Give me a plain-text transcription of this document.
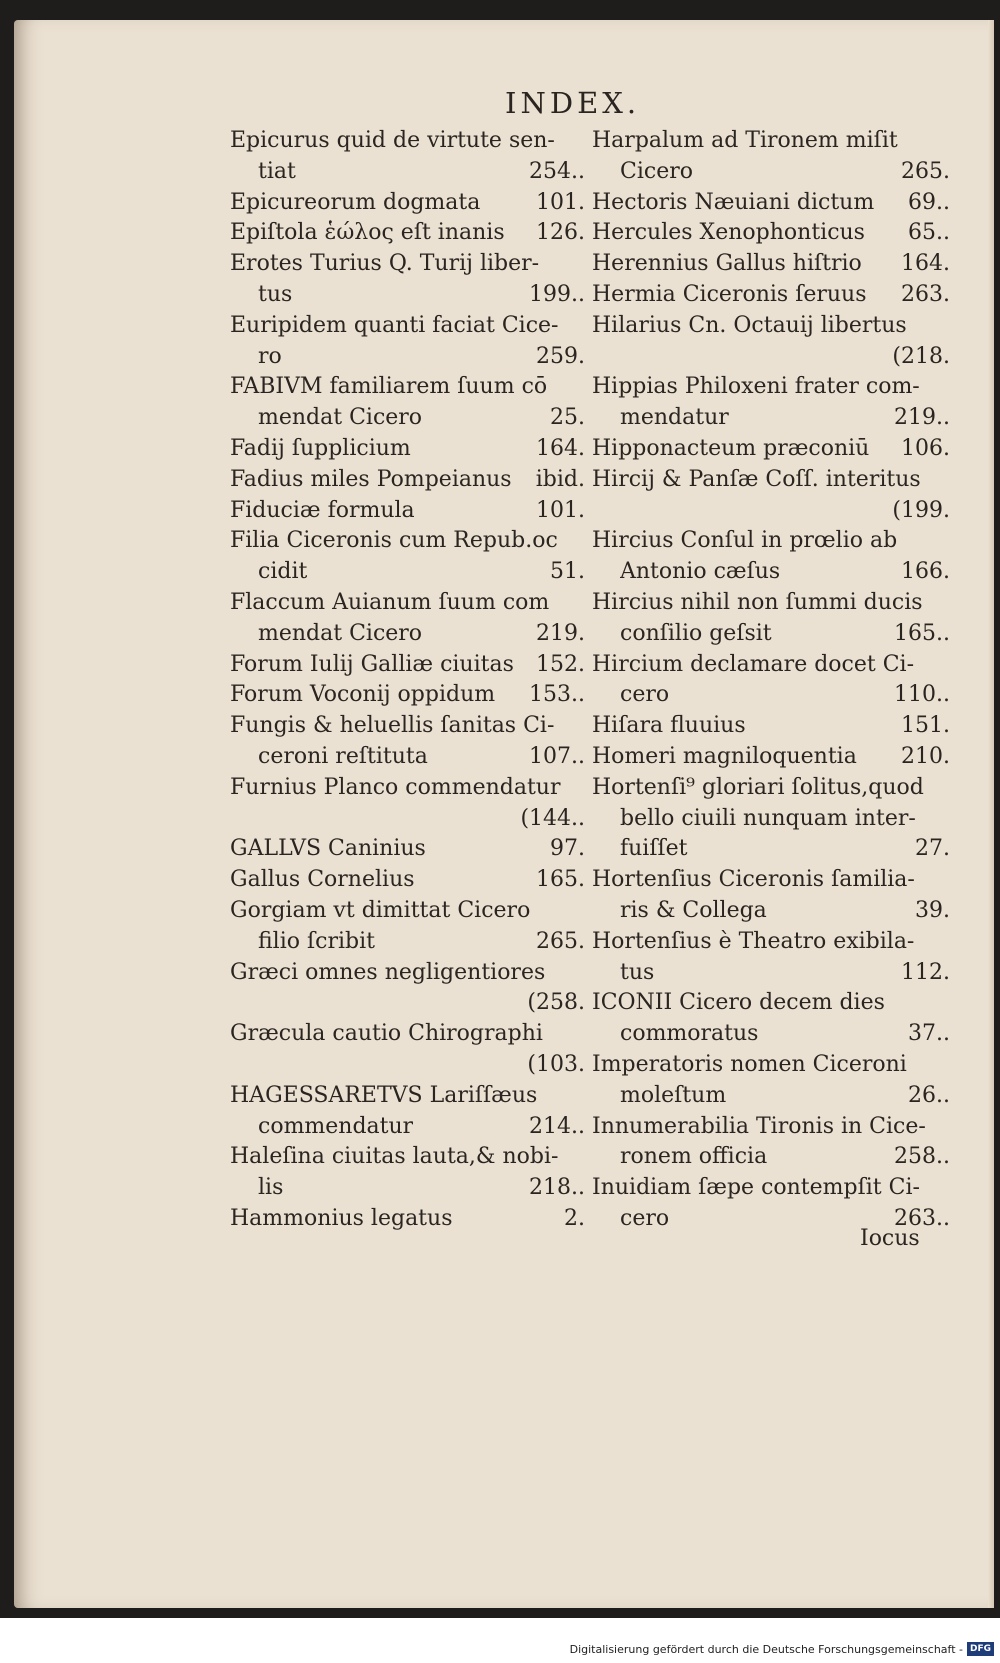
INDEX.
Epicurus quid de virtute sen-
tiat	254..
Epicureorum dogmata	101.
Epiſtola ἑώλος eſt inanis 126.
Erotes Turius Q. Turij liber-
tus	199..
Euripidem quanti faciat Cice-
ro	259.
FABIVM familiarem ſuum cō
mendat Cicero	25.
Fadij ſupplicium	164.
Fadius miles Pompeianus ibid.
Fiduciæ formula	101.
Filia Ciceronis cum Repub.oc
cidit	51.
Flaccum Auianum ſuum com
mendat Cicero	219.
Forum Iulij Galliæ ciuitas 152.
Forum Voconij oppidum 153..
Fungis & heluellis ſanitas Ci-
ceroni reſtituta	107..
Furnius Planco commendatur
(144..
GALLVS Caninius	97.
Gallus Cornelius	165.
Gorgiam vt dimittat Cicero
filio ſcribit	265.
Græci omnes negligentiores
(258.
Græcula cautio Chirographi
(103.
HAGESSARETVS Lariſſæus
commendatur	214..
Haleſina ciuitas lauta,& nobi-
lis	218..
Hammonius legatus	2.
Harpalum ad Tironem miſit
Cicero	265.
Hectoris Næuiani dictum 69..
Hercules Xenophonticus 65..
Herennius Gallus hiſtrio 164.
Hermia Ciceronis ſeruus 263.
Hilarius Cn. Octauij libertus
(218.
Hippias Philoxeni frater com-
mendatur	219..
Hipponacteum præconiū 106.
Hircij & Panſæ Coſſ. interitus
(199.
Hircius Conſul in prœlio ab
Antonio cæſus	166.
Hircius nihil non ſummi ducis
conſilio geſsit	165..
Hircium declamare docet Ci-
cero	110..
Hiſara fluuius	151.
Homeri magniloquentia 210.
Hortenſi⁹ gloriari ſolitus,quod
bello ciuili nunquam inter-
fuiſſet	27.
Hortenſius Ciceronis ſamilia-
ris & Collega	39.
Hortenſius è Theatro exibila-
tus	112.
ICONII Cicero decem dies
commoratus	37..
Imperatoris nomen Ciceroni
moleſtum	26..
Innumerabilia Tironis in Cice-
ronem officia	258..
Inuidiam ſæpe contempſit Ci-
cero	263..
Iocus
Digitalisierung gefördert durch die Deutsche Forschungsgemeinschaft - DFG
